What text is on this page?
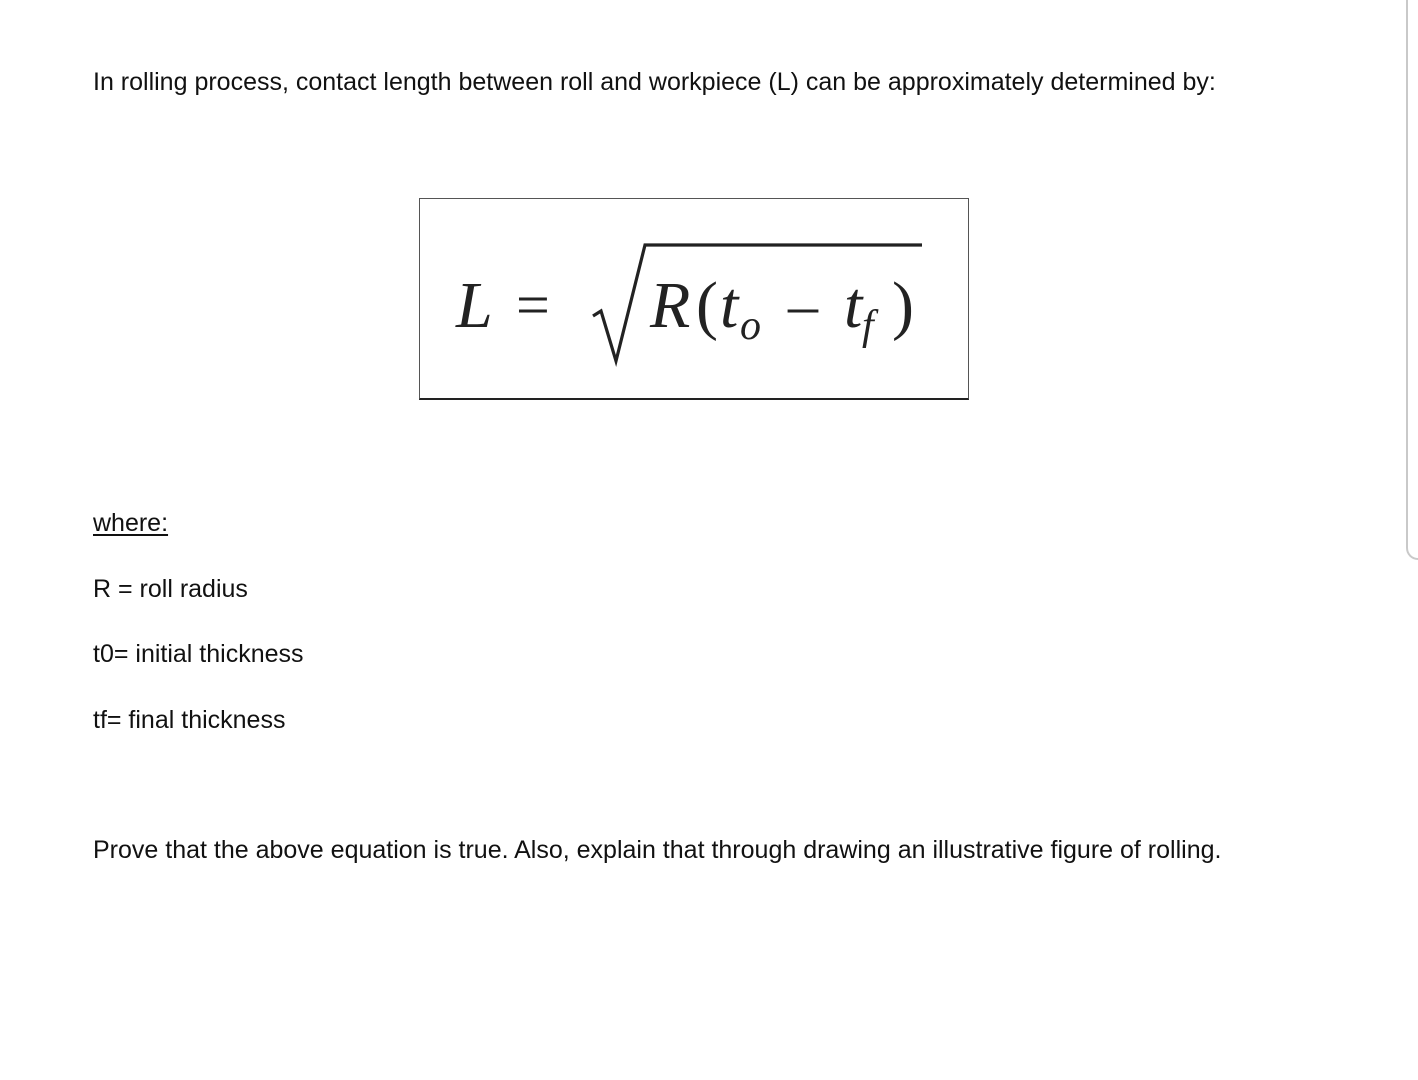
In rolling process, contact length between roll and workpiece (L) can be approximately determined by:
L = R ( t o – t f )
where:
R = roll radius
t0= initial thickness
tf= final thickness
Prove that the above equation is true. Also, explain that through drawing an illustrative figure of rolling.
